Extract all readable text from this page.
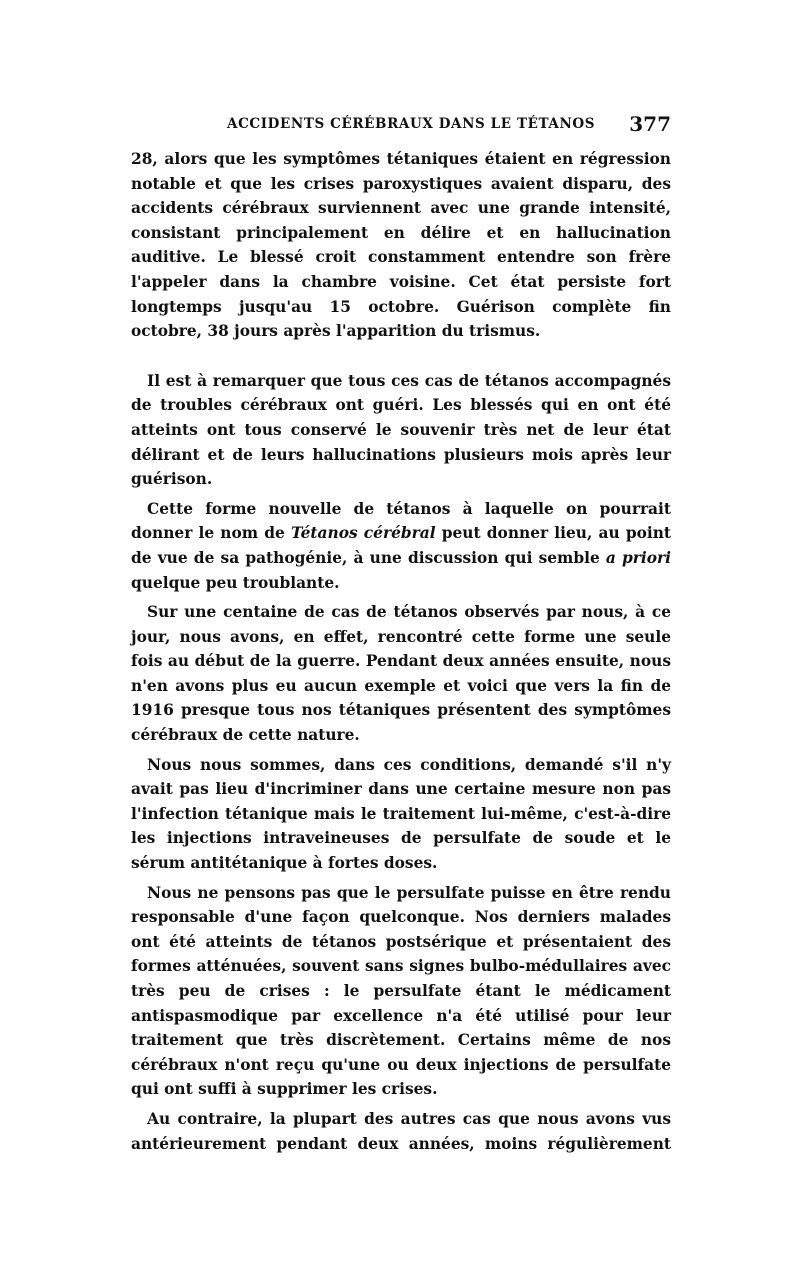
ACCIDENTS CÉRÉBRAUX DANS LE TÉTANOS 377

28, alors que les symptômes tétaniques étaient en régression notable et que les crises paroxystiques avaient disparu, des accidents cérébraux surviennent avec une grande intensité, consistant principalement en délire et en hallucination auditive. Le blessé croit constamment entendre son frère l'appeler dans la chambre voisine. Cet état persiste fort longtemps jusqu'au 15 octobre. Guérison complète fin octobre, 38 jours après l'apparition du trismus.

Il est à remarquer que tous ces cas de tétanos accompagnés de troubles cérébraux ont guéri. Les blessés qui en ont été atteints ont tous conservé le souvenir très net de leur état délirant et de leurs hallucinations plusieurs mois après leur guérison.

Cette forme nouvelle de tétanos à laquelle on pourrait donner le nom de Tétanos cérébral peut donner lieu, au point de vue de sa pathogénie, à une discussion qui semble a priori quelque peu troublante.

Sur une centaine de cas de tétanos observés par nous, à ce jour, nous avons, en effet, rencontré cette forme une seule fois au début de la guerre. Pendant deux années ensuite, nous n'en avons plus eu aucun exemple et voici que vers la fin de 1916 presque tous nos tétaniques présentent des symptômes cérébraux de cette nature.

Nous nous sommes, dans ces conditions, demandé s'il n'y avait pas lieu d'incriminer dans une certaine mesure non pas l'infection tétanique mais le traitement lui-même, c'est-à-dire les injections intraveineuses de persulfate de soude et le sérum antitétanique à fortes doses.

Nous ne pensons pas que le persulfate puisse en être rendu responsable d'une façon quelconque. Nos derniers malades ont été atteints de tétanos postsérique et présentaient des formes atténuées, souvent sans signes bulbo-médullaires avec très peu de crises : le persulfate étant le médicament antispasmodique par excellence n'a été utilisé pour leur traitement que très discrètement. Certains même de nos cérébraux n'ont reçu qu'une ou deux injections de persulfate qui ont suffi à supprimer les crises.

Au contraire, la plupart des autres cas que nous avons vus antérieurement pendant deux années, moins régulièrement
